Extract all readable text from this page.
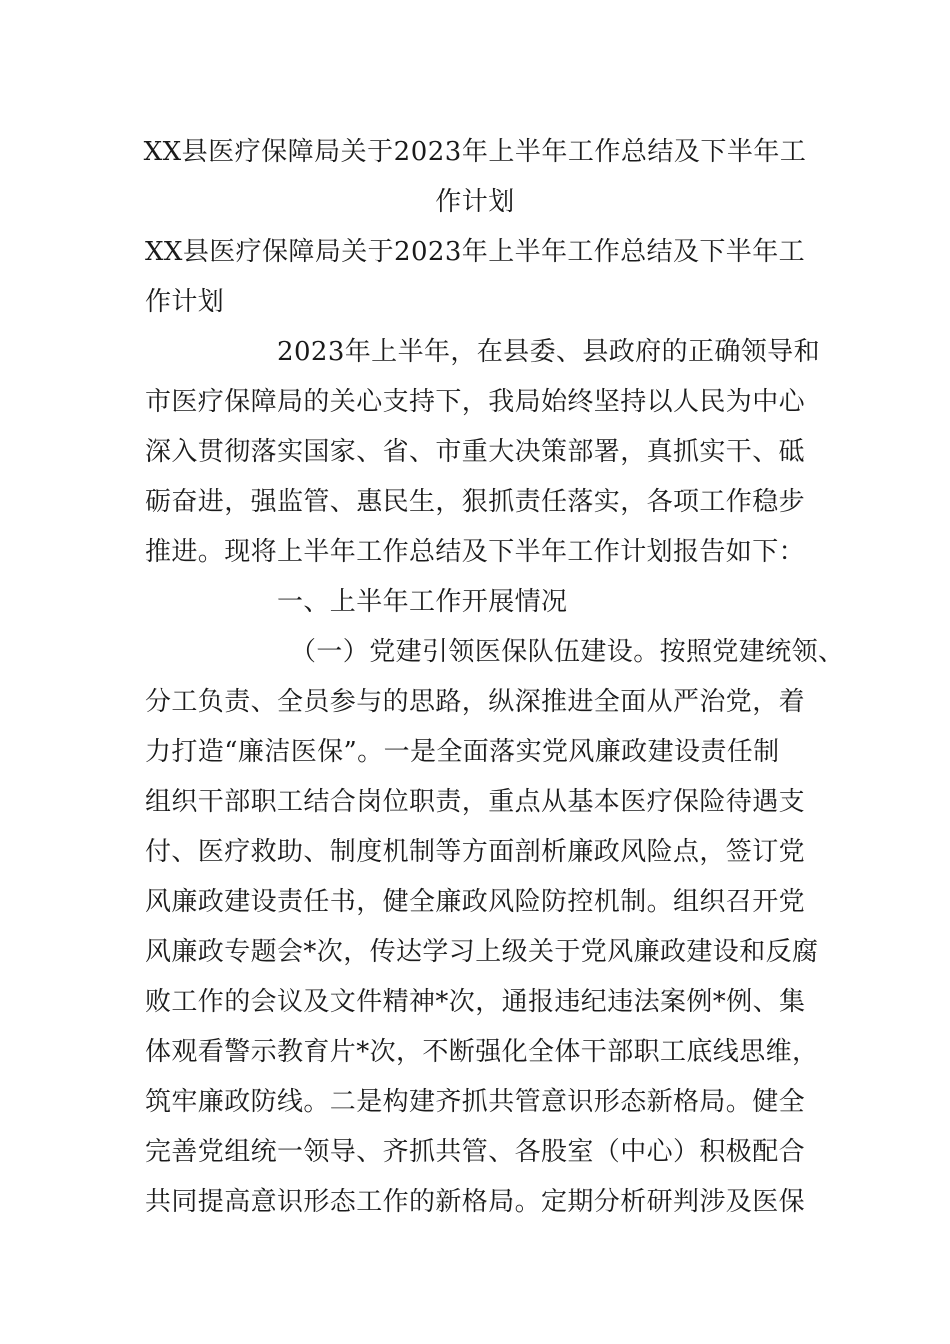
XX县医疗保障局关于2023年上半年工作总结及下半年工
作计划
XX县医疗保障局关于2023年上半年工作总结及下半年工
作计划
2023年上半年，在县委、县政府的正确领导和
市医疗保障局的关心支持下，我局始终坚持以人民为中心
深入贯彻落实国家、省、市重大决策部署，真抓实干、砥
砺奋进，强监管、惠民生，狠抓责任落实，各项工作稳步
推进。现将上半年工作总结及下半年工作计划报告如下：
一、上半年工作开展情况
（一）党建引领医保队伍建设。按照党建统领、
分工负责、全员参与的思路，纵深推进全面从严治党，着
力打造“廉洁医保”。一是全面落实党风廉政建设责任制
组织干部职工结合岗位职责，重点从基本医疗保险待遇支
付、医疗救助、制度机制等方面剖析廉政风险点，签订党
风廉政建设责任书，健全廉政风险防控机制。组织召开党
风廉政专题会*次，传达学习上级关于党风廉政建设和反腐
败工作的会议及文件精神*次，通报违纪违法案例*例、集
体观看警示教育片*次，不断强化全体干部职工底线思维，
筑牢廉政防线。二是构建齐抓共管意识形态新格局。健全
完善党组统一领导、齐抓共管、各股室（中心）积极配合
共同提高意识形态工作的新格局。定期分析研判涉及医保
